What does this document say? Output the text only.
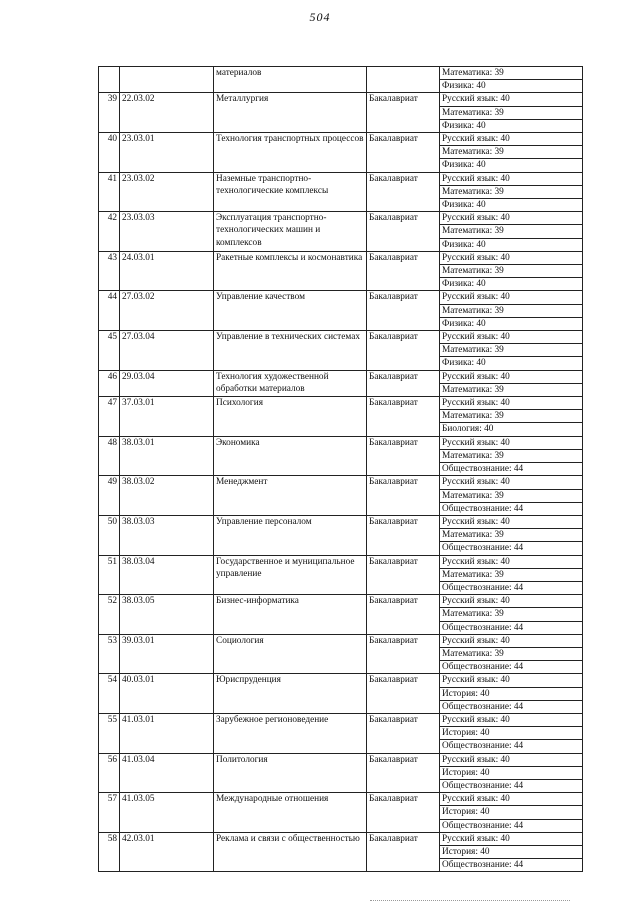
504
		материалов		Математика: 39
				Физика: 40
39	22.03.02	Металлургия	Бакалавриат	Русский язык: 40
				Математика: 39
				Физика: 40
40	23.03.01	Технология транспортных процессов	Бакалавриат	Русский язык: 40
				Математика: 39
				Физика: 40
41	23.03.02	Наземные транспортно-технологические комплексы	Бакалавриат	Русский язык: 40
				Математика: 39
				Физика: 40
42	23.03.03	Эксплуатация транспортно-технологических машин и комплексов	Бакалавриат	Русский язык: 40
				Математика: 39
				Физика: 40
43	24.03.01	Ракетные комплексы и космонавтика	Бакалавриат	Русский язык: 40
				Математика: 39
				Физика: 40
44	27.03.02	Управление качеством	Бакалавриат	Русский язык: 40
				Математика: 39
				Физика: 40
45	27.03.04	Управление в технических системах	Бакалавриат	Русский язык: 40
				Математика: 39
				Физика: 40
46	29.03.04	Технология художественной обработки материалов	Бакалавриат	Русский язык: 40
				Математика: 39
47	37.03.01	Психология	Бакалавриат	Русский язык: 40
				Математика: 39
				Биология: 40
48	38.03.01	Экономика	Бакалавриат	Русский язык: 40
				Математика: 39
				Обществознание: 44
49	38.03.02	Менеджмент	Бакалавриат	Русский язык: 40
				Математика: 39
				Обществознание: 44
50	38.03.03	Управление персоналом	Бакалавриат	Русский язык: 40
				Математика: 39
				Обществознание: 44
51	38.03.04	Государственное и муниципальное управление	Бакалавриат	Русский язык: 40
				Математика: 39
				Обществознание: 44
52	38.03.05	Бизнес-информатика	Бакалавриат	Русский язык: 40
				Математика: 39
				Обществознание: 44
53	39.03.01	Социология	Бакалавриат	Русский язык: 40
				Математика: 39
				Обществознание: 44
54	40.03.01	Юриспруденция	Бакалавриат	Русский язык: 40
				История: 40
				Обществознание: 44
55	41.03.01	Зарубежное регионоведение	Бакалавриат	Русский язык: 40
				История: 40
				Обществознание: 44
56	41.03.04	Политология	Бакалавриат	Русский язык: 40
				История: 40
				Обществознание: 44
57	41.03.05	Международные отношения	Бакалавриат	Русский язык: 40
				История: 40
				Обществознание: 44
58	42.03.01	Реклама и связи с общественностью	Бакалавриат	Русский язык: 40
				История: 40
				Обществознание: 44
